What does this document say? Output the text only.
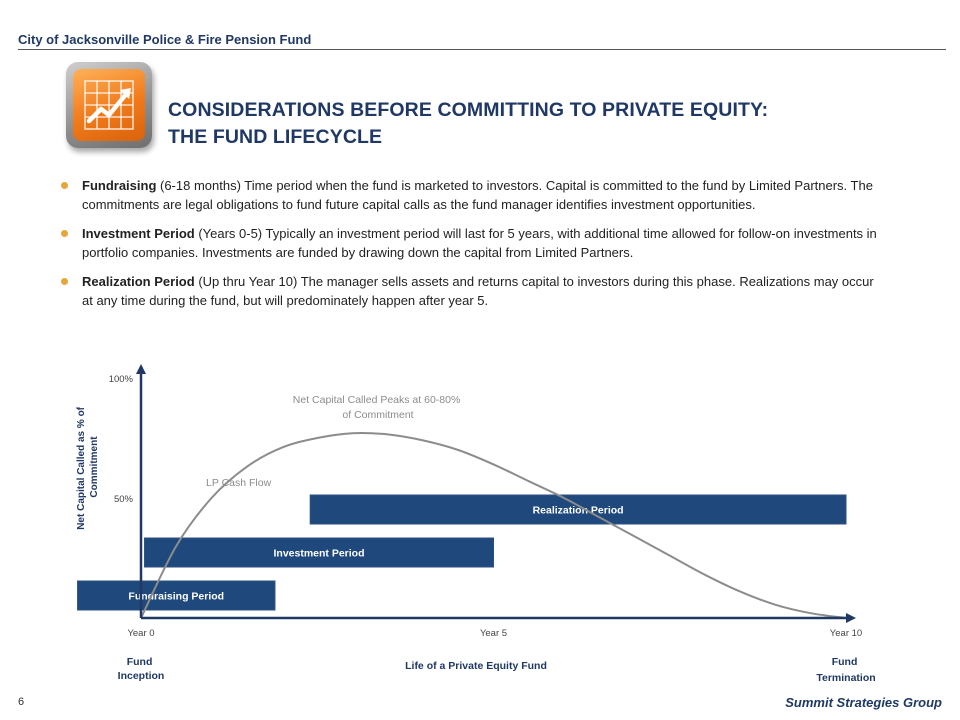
City of Jacksonville Police & Fire Pension Fund
CONSIDERATIONS BEFORE COMMITTING TO PRIVATE EQUITY:
THE FUND LIFECYCLE
Fundraising (6-18 months) Time period when the fund is marketed to investors. Capital is committed to the fund by Limited Partners. The commitments are legal obligations to fund future capital calls as the fund manager identifies investment opportunities.
Investment Period (Years 0-5) Typically an investment period will last for 5 years, with additional time allowed for follow-on investments in portfolio companies. Investments are funded by drawing down the capital from Limited Partners.
Realization Period (Up thru Year 10) The manager sells assets and returns capital to investors during this phase. Realizations may occur at any time during the fund, but will predominately happen after year 5.
Fundraising Period
Investment Period
Realization Period
100%
50%
Year 0	Year 5	Year 10
Net Capital Called as % of Commitment
Net Capital Called Peaks at 60-80% of Commitment
LP Cash Flow
Life of a Private Equity Fund
Fund Inception
Fund Termination
6	Summit Strategies Group
